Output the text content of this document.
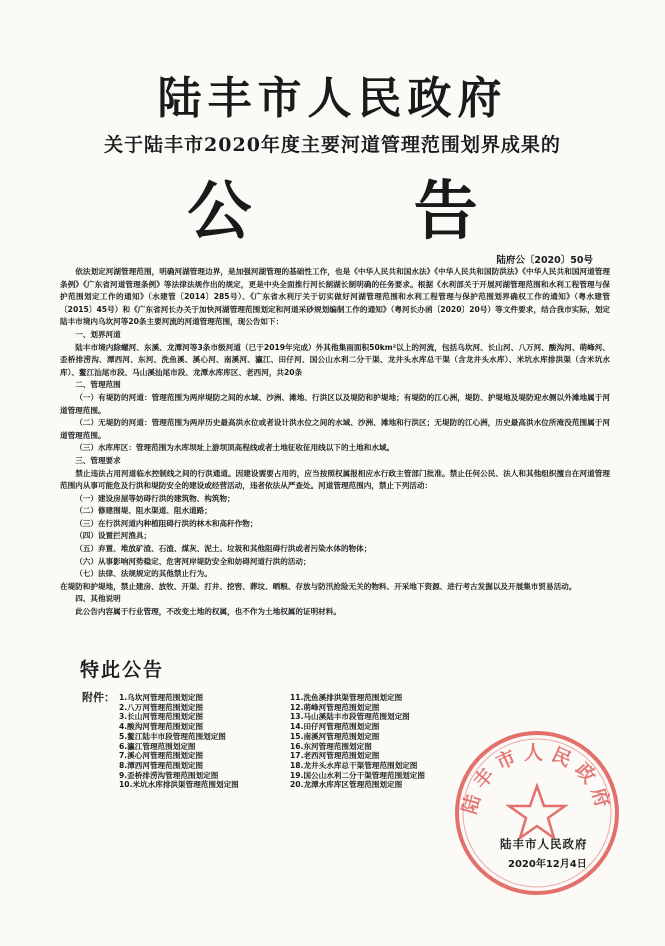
陆丰市人民政府
关于陆丰市2020年度主要河道管理范围划界成果的
公 告
陆府公〔2020〕50号

依法划定河湖管理范围，明确河湖管理边界，是加强河湖管理的基础性工作，也是《中华人民共和国水法》《中华人民共和国防洪法》《中华人民共和国河道管理条例》《广东省河道管理条例》等法律法规作出的规定，更是中央全面推行河长制湖长制明确的任务要求。根据《水利部关于开展河湖管理范围和水利工程管理与保护范围划定工作的通知》（水建管〔2014〕285号）、《广东省水利厅关于切实做好河湖管理范围和水利工程管理与保护范围划界确权工作的通知》（粤水建管〔2015〕45号）和《广东省河长办关于加快河湖管理范围划定和河道采砂规划编制工作的通知》（粤河长办函〔2020〕20号）等文件要求，结合我市实际，划定陆丰市境内乌坎河等20条主要河流的河道管理范围，现公告如下：

一、划界河道

陆丰市境内除螺河、东溪、龙潭河等3条市级河道（已于2019年完成）外其他集雨面积50km²以上的河流，包括乌坎河、长山河、八万河、酸沟河、萌峰河、歪桥排涝沟、潭西河、东河、洗鱼溪、溪心河、南溪河、瀛江、田仔河、国公山水利二分干渠、龙井头水库总干渠（含龙井头水库）、米坑水库排洪渠（含米坑水库）、鳌江汕尾市段、马山溪汕尾市段、龙潭水库库区、老西河，共20条

二、管理范围

（一）有堤防的河道：管理范围为两岸堤防之间的水域、沙洲、滩地、行洪区以及堤防和护堤地；有堤防的江心洲，堤防、护堤地及堤防迎水侧以外滩地属于河道管理范围。

（二）无堤防的河道：管理范围为两岸历史最高洪水位或者设计洪水位之间的水域、沙洲、滩地和行洪区；无堤防的江心洲，历史最高洪水位所淹没范围属于河道管理范围。

（三）水库库区：管理范围为水库坝址上游坝顶高程线或者土地征收征用线以下的土地和水域。

三、管理要求

禁止违法占用河道临水控制线之间的行洪通道。因建设需要占用的，应当按照权属报相应水行政主管部门批准。禁止任何公民、法人和其他组织擅自在河道管理范围内从事可能危及行洪和堤防安全的建设或经营活动，违者依法从严查处。河道管理范围内，禁止下列活动：

（一）建设房屋等妨碍行洪的建筑物、构筑物；

（二）修建围堤、阻水渠道、阻水道路；

（三）在行洪河道内种植阻碍行洪的林木和高秆作物；

（四）设置拦河渔具；

（五）弃置、堆放矿渣、石渣、煤灰、泥土、垃圾和其他阻碍行洪或者污染水体的物体；

（六）从事影响河势稳定、危害河岸堤防安全和妨碍河道行洪的活动；

（七）法律、法规规定的其他禁止行为。

在堤防和护堤地，禁止建房、放牧、开渠、打井、挖窖、葬坟、晒粮、存放与防汛抢险无关的物料、开采地下资源、进行考古发掘以及开展集市贸易活动。

四、其他说明

此公告内容属于行业管理，不改变土地的权属，也不作为土地权属的证明材料。

特此公告
附件： 1.乌坎河管理范围划定图
2.八万河管理范围划定图
3.长山河管理范围划定图
4.酸沟河管理范围划定图
5.鳌江陆丰市段管理范围划定图
6.瀛江管理范围划定图
7.溪心河管理范围划定图
8.潭西河管理范围划定图
9.歪桥排涝沟管理范围划定图
10.米坑水库排洪渠管理范围划定图
11.洗鱼溪排洪渠管理范围划定图
12.萌峰河管理范围划定图
13.马山溪陆丰市段管理范围划定图
14.田仔河管理范围划定图
15.南溪河管理范围划定图
16.东河管理范围划定图
17.老西河管理范围划定图
18.龙井头水库总干渠管理范围划定图
19.国公山水利二分干渠管理范围划定图
20.龙潭水库库区管理范围划定图
陆丰市人民政府
陆丰市人民政府
2020年12月4日
